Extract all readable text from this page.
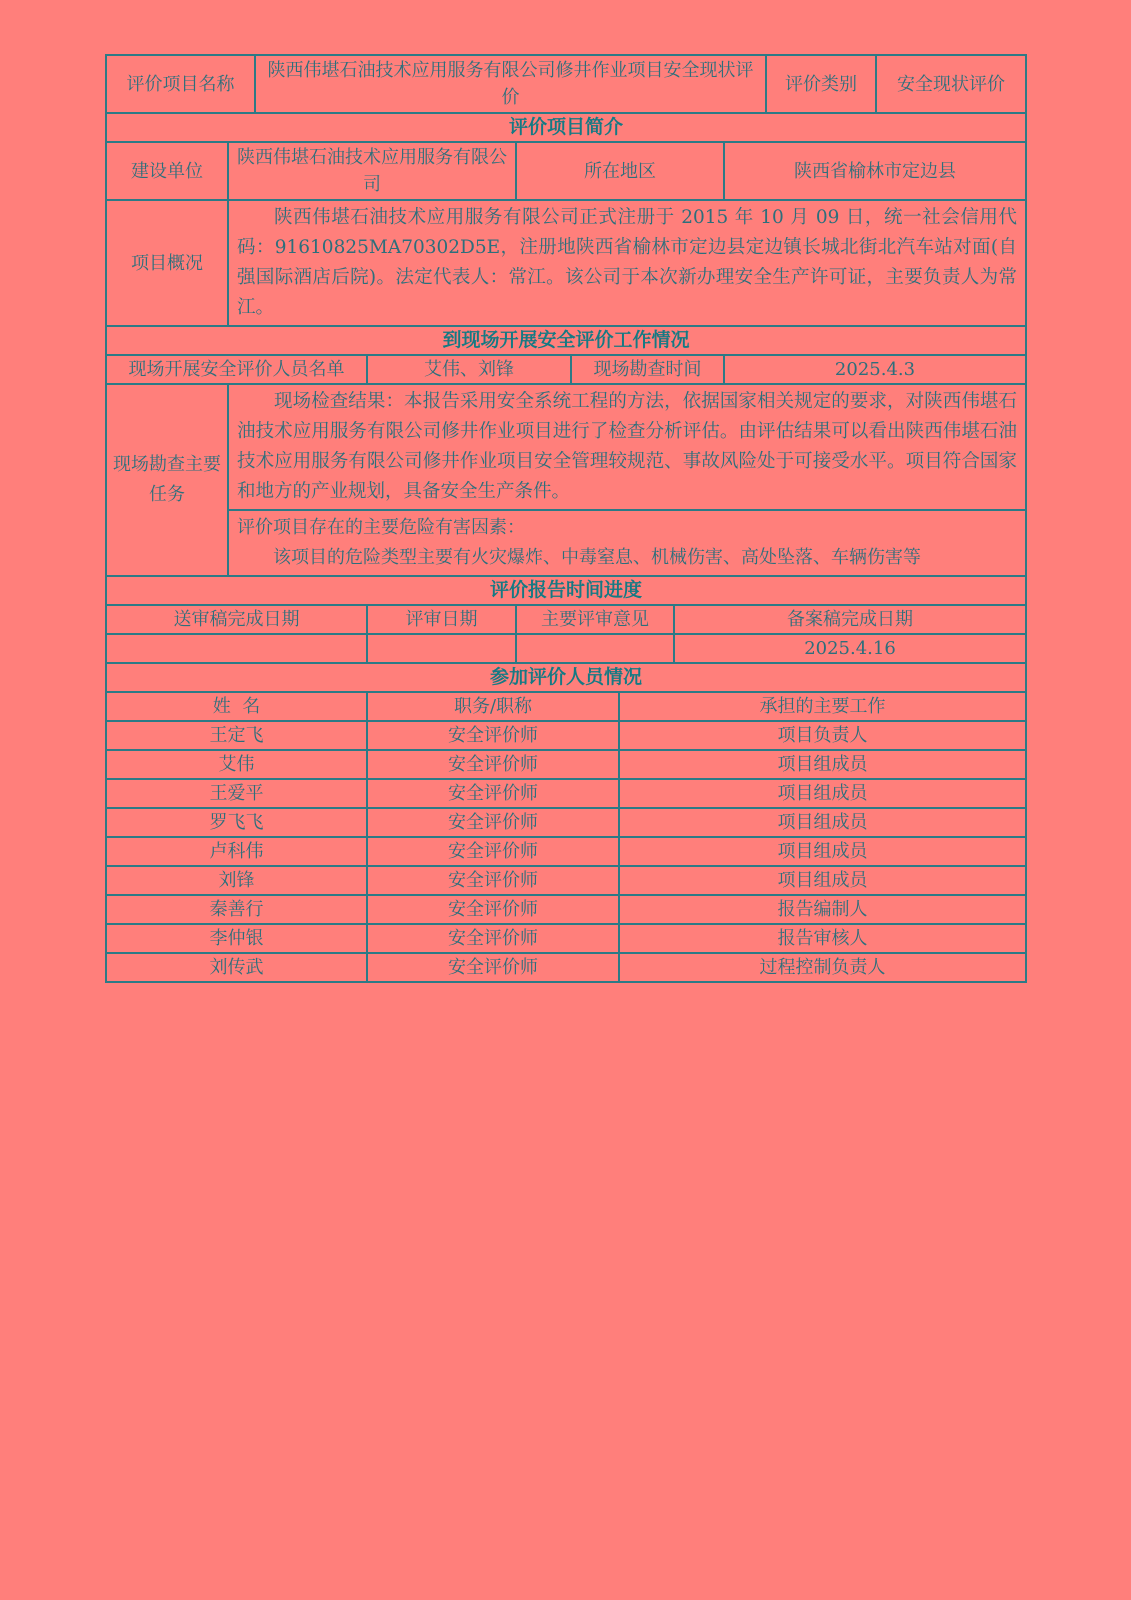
评价项目名称		陕西伟堪石油技术应用服务有限公司修井作业项目安全现状评价							评价类别	安全现状评价
评价项目简介										
建设单位	陕西伟堪石油技术应用服务有限公司			所在地区				陕西省榆林市定边县		
项目概况	陕西伟堪石油技术应用服务有限公司正式注册于 2015 年 10 月 09 日，统一社会信用代码：91610825MA70302D5E，注册地陕西省榆林市定边县定边镇长城北街北汽车站对面(自强国际酒店后院)。法定代表人：常江。该公司于本次新办理安全生产许可证，主要负责人为常江。									
到现场开展安全评价工作情况										
现场开展安全评价人员名单			艾伟、刘锋		现场勘查时间			2025.4.3		
现场勘查主要任务	现场检查结果：本报告采用安全系统工程的方法，依据国家相关规定的要求，对陕西伟堪石油技术应用服务有限公司修井作业项目进行了检查分析评估。由评估结果可以看出陕西伟堪石油技术应用服务有限公司修井作业项目安全管理较规范、事故风险处于可接受水平。项目符合国家和地方的产业规划，具备安全生产条件。									

	评价项目存在的主要危险有害因素：
该项目的危险类型主要有火灾爆炸、中毒窒息、机械伤害、高处坠落、车辆伤害等									

评价报告时间进度										
送审稿完成日期			评审日期	主要评审意见			备案稿完成日期			
							2025.4.16			
参加评价人员情况										
姓  名			职务/职称			承担的主要工作				
王定飞			安全评价师			项目负责人				
艾伟			安全评价师			项目组成员				
王爱平			安全评价师			项目组成员				
罗飞飞			安全评价师			项目组成员				
卢科伟			安全评价师			项目组成员				
刘锋			安全评价师			项目组成员				
秦善行			安全评价师			报告编制人				
李仲银			安全评价师			报告审核人				
刘传武			安全评价师			过程控制负责人				
